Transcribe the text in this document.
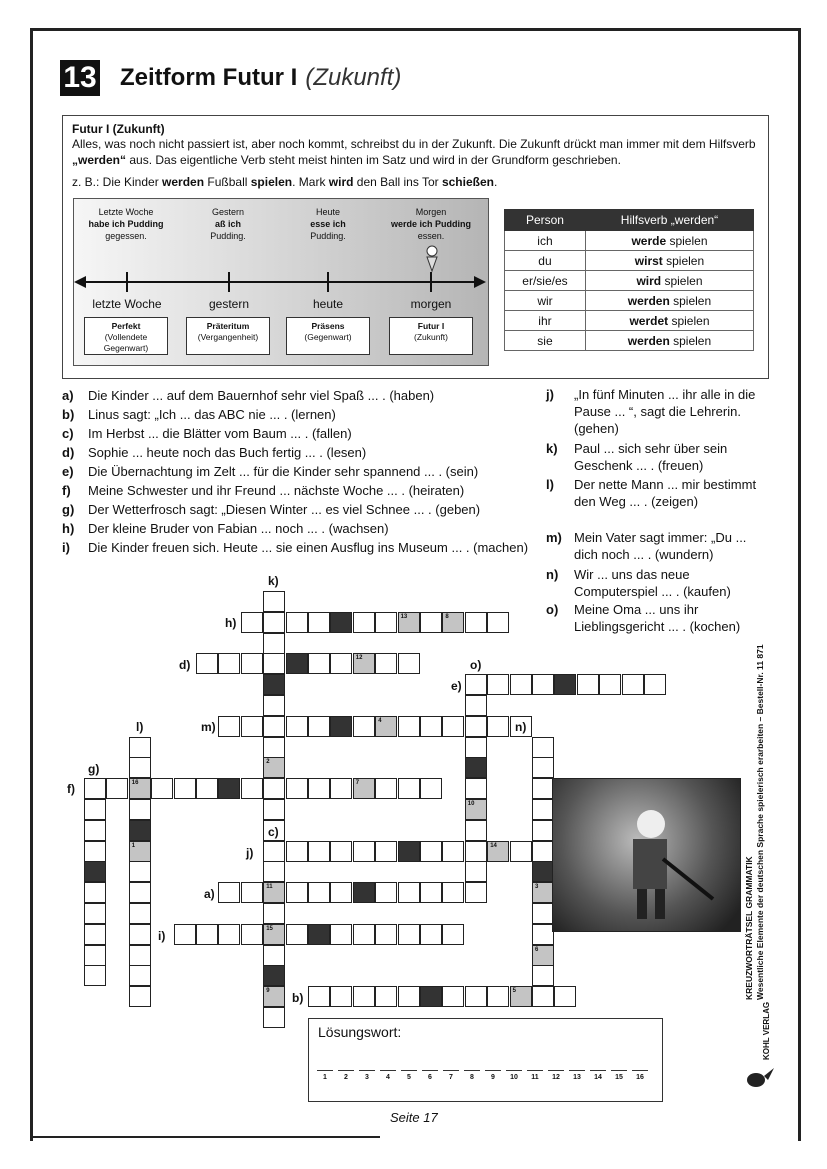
13 Zeitform Futur I (Zukunft)
Futur I (Zukunft)
Alles, was noch nicht passiert ist, aber noch kommt, schreibst du in der Zukunft. Die Zukunft drückt man immer mit dem Hilfsverb „werden“ aus. Das eigentliche Verb steht meist hinten im Satz und wird in der Grundform geschrieben.
z. B.: Die Kinder werden Fußball spielen. Mark wird den Ball ins Tor schießen.
Letzte Woche
habe ich Pudding
gegessen.
Gestern
aß ich
Pudding.
Heute
esse ich
Pudding.
Morgen
werde ich Pudding
essen.
letzte Woche	gestern	heute	morgen
Perfekt
(Vollendete
Gegenwart)
Präteritum
(Vergangenheit)
Präsens
(Gegenwart)
Futur I
(Zukunft)
Person	Hilfsverb „werden“
ich	werde spielen
du	wirst spielen
er/sie/es	wird spielen
wir	werden spielen
ihr	werdet spielen
sie	werden spielen
a) Die Kinder ... auf dem Bauernhof sehr viel Spaß ... . (haben)
b) Linus sagt: „Ich ... das ABC nie ... . (lernen)
c) Im Herbst ... die Blätter vom Baum ... . (fallen)
d) Sophie ... heute noch das Buch fertig ... . (lesen)
e) Die Übernachtung im Zelt ... für die Kinder sehr spannend ... . (sein)
f) Meine Schwester und ihr Freund ... nächste Woche ... . (heiraten)
g) Der Wetterfrosch sagt: „Diesen Winter ... es viel Schnee ... . (geben)
h) Der kleine Bruder von Fabian ... noch ... . (wachsen)
i) Die Kinder freuen sich. Heute ... sie einen Ausflug ins Museum ... . (machen)
j) „In fünf Minuten ... ihr alle in die Pause ... “, sagt die Lehrerin. (gehen)
k) Paul ... sich sehr über sein Geschenk ... . (freuen)
l) Der nette Mann ... mir bestimmt den Weg ... . (zeigen)
m) Mein Vater sagt immer: „Du ... dich noch ... . (wundern)
n) Wir ... uns das neue Computerspiel ... . (kaufen)
o) Meine Oma ... uns ihr Lieblingsgericht ... . (kochen)
13	8
12
4
16	7
14
11
15
5
2
9
1
10
3
6
k)
h)
d)	o)
e)
l)	m)	n)
g)
f)
c)
j)
a)
i)
b)
Lösungswort:
1	2	3	4	5	6	7	8	9	10	11	12	13	14	15	16
Seite 17
KREUZWORTRÄTSEL GRAMMATIK Wesentliche Elemente der deutschen Sprache spielerisch erarbeiten – Bestell-Nr. 11 871
KOHL VERLAG
